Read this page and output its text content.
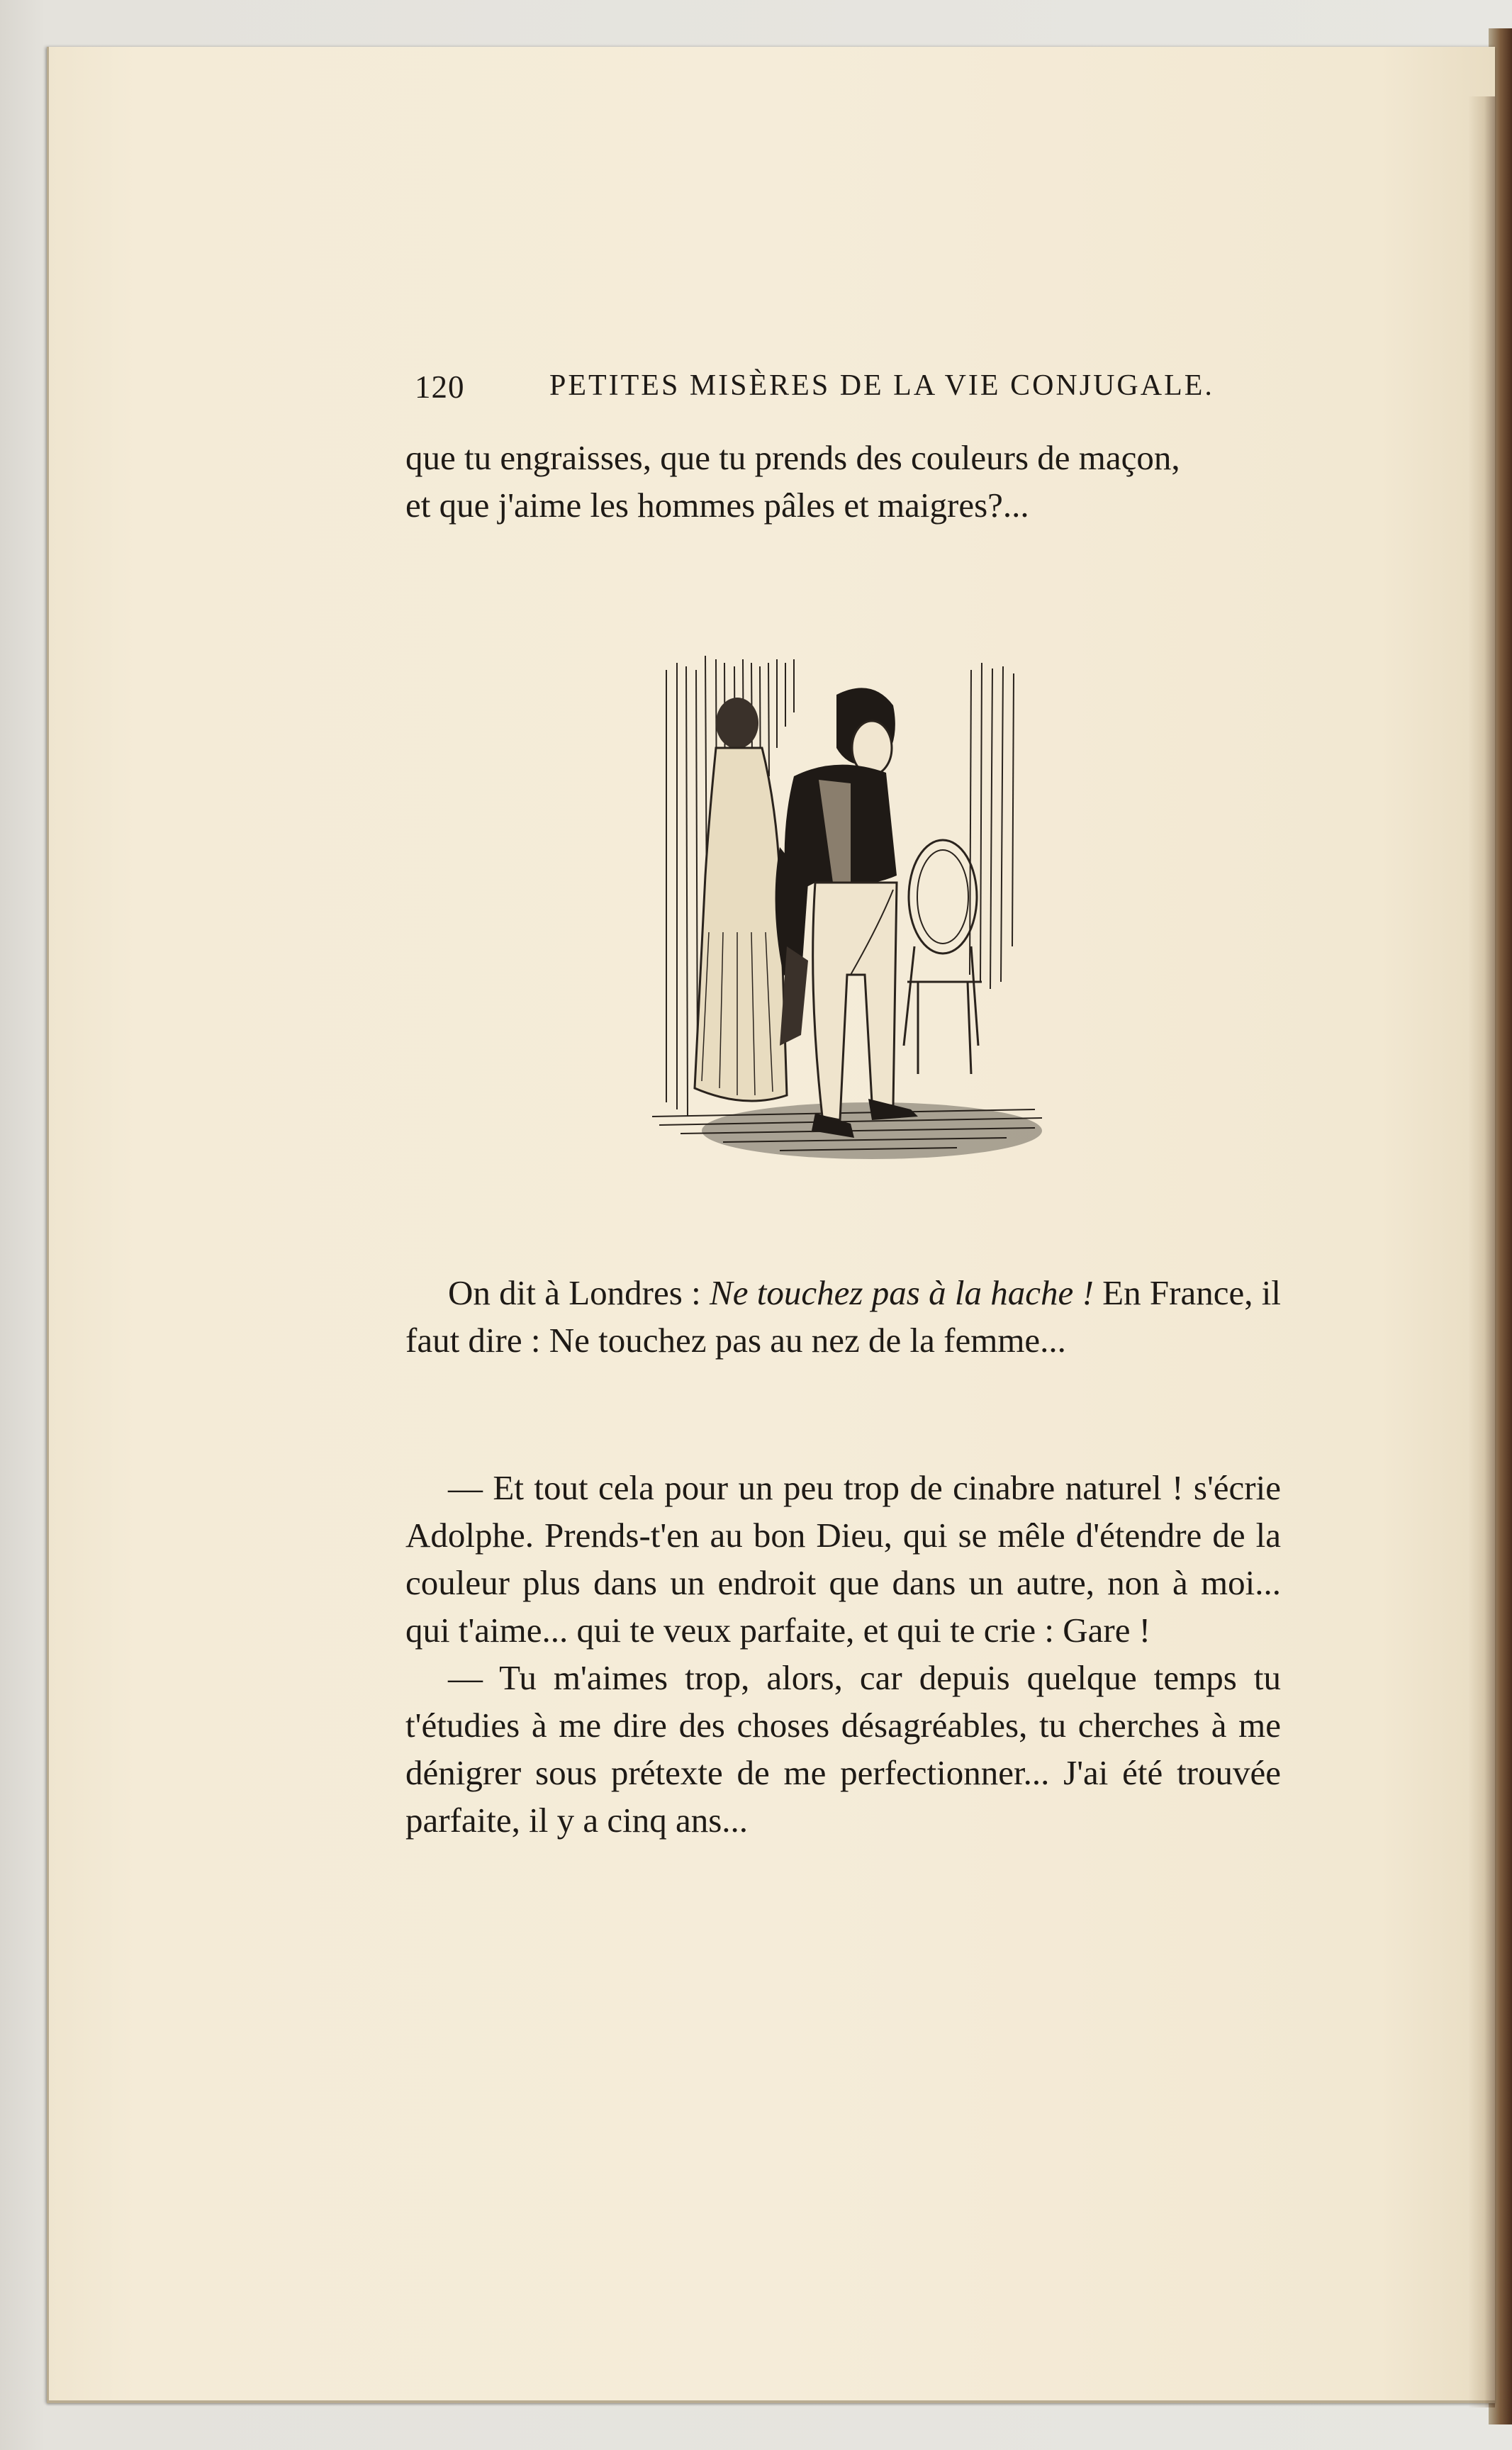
120	PETITES MISÈRES DE LA VIE CONJUGALE.

que tu engraisses, que tu prends des couleurs de maçon,

et que j'aime les hommes pâles et maigres?...

On dit à Londres : Ne touchez pas à la hache ! En France, il faut dire : Ne touchez pas au nez de la femme...

— Et tout cela pour un peu trop de cinabre naturel ! s'écrie Adolphe. Prends-t'en au bon Dieu, qui se mêle d'étendre de la couleur plus dans un endroit que dans un autre, non à moi... qui t'aime... qui te veux parfaite, et qui te crie : Gare !

— Tu m'aimes trop, alors, car depuis quelque temps tu t'étudies à me dire des choses désagréables, tu cherches à me dénigrer sous prétexte de me perfectionner... J'ai été trouvée parfaite, il y a cinq ans...
